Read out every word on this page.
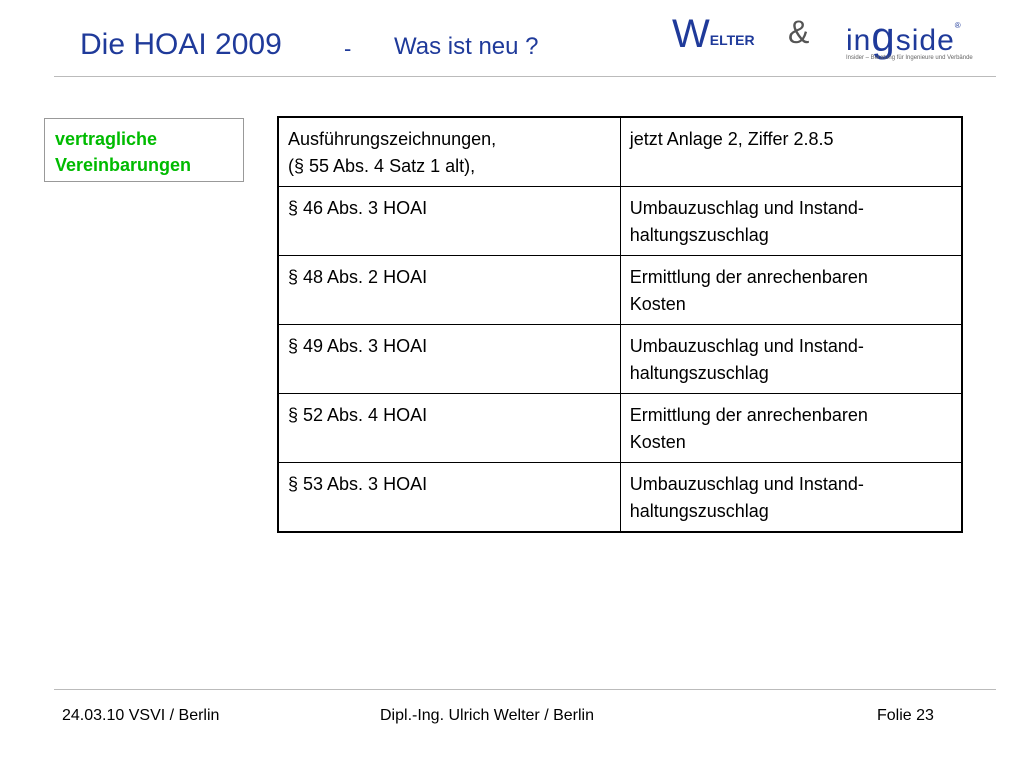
Die HOAI 2009	- Was ist neu ?	WELTER & ingside®
Insider – Beratung für Ingenieure und Verbände
vertragliche
Vereinbarungen
Ausführungszeichnungen,
(§ 55 Abs. 4 Satz 1 alt),	jetzt Anlage 2, Ziffer 2.8.5

§ 46 Abs. 3 HOAI	Umbauzuschlag und Instand-
haltungszuschlag

§ 48 Abs. 2 HOAI	Ermittlung der anrechenbaren
Kosten

§ 49 Abs. 3 HOAI	Umbauzuschlag und Instand-
haltungszuschlag

§ 52 Abs. 4 HOAI	Ermittlung der anrechenbaren
Kosten

§ 53 Abs. 3 HOAI	Umbauzuschlag und Instand-
haltungszuschlag
24.03.10 VSVI / Berlin	Dipl.-Ing. Ulrich Welter / Berlin	Folie 23
